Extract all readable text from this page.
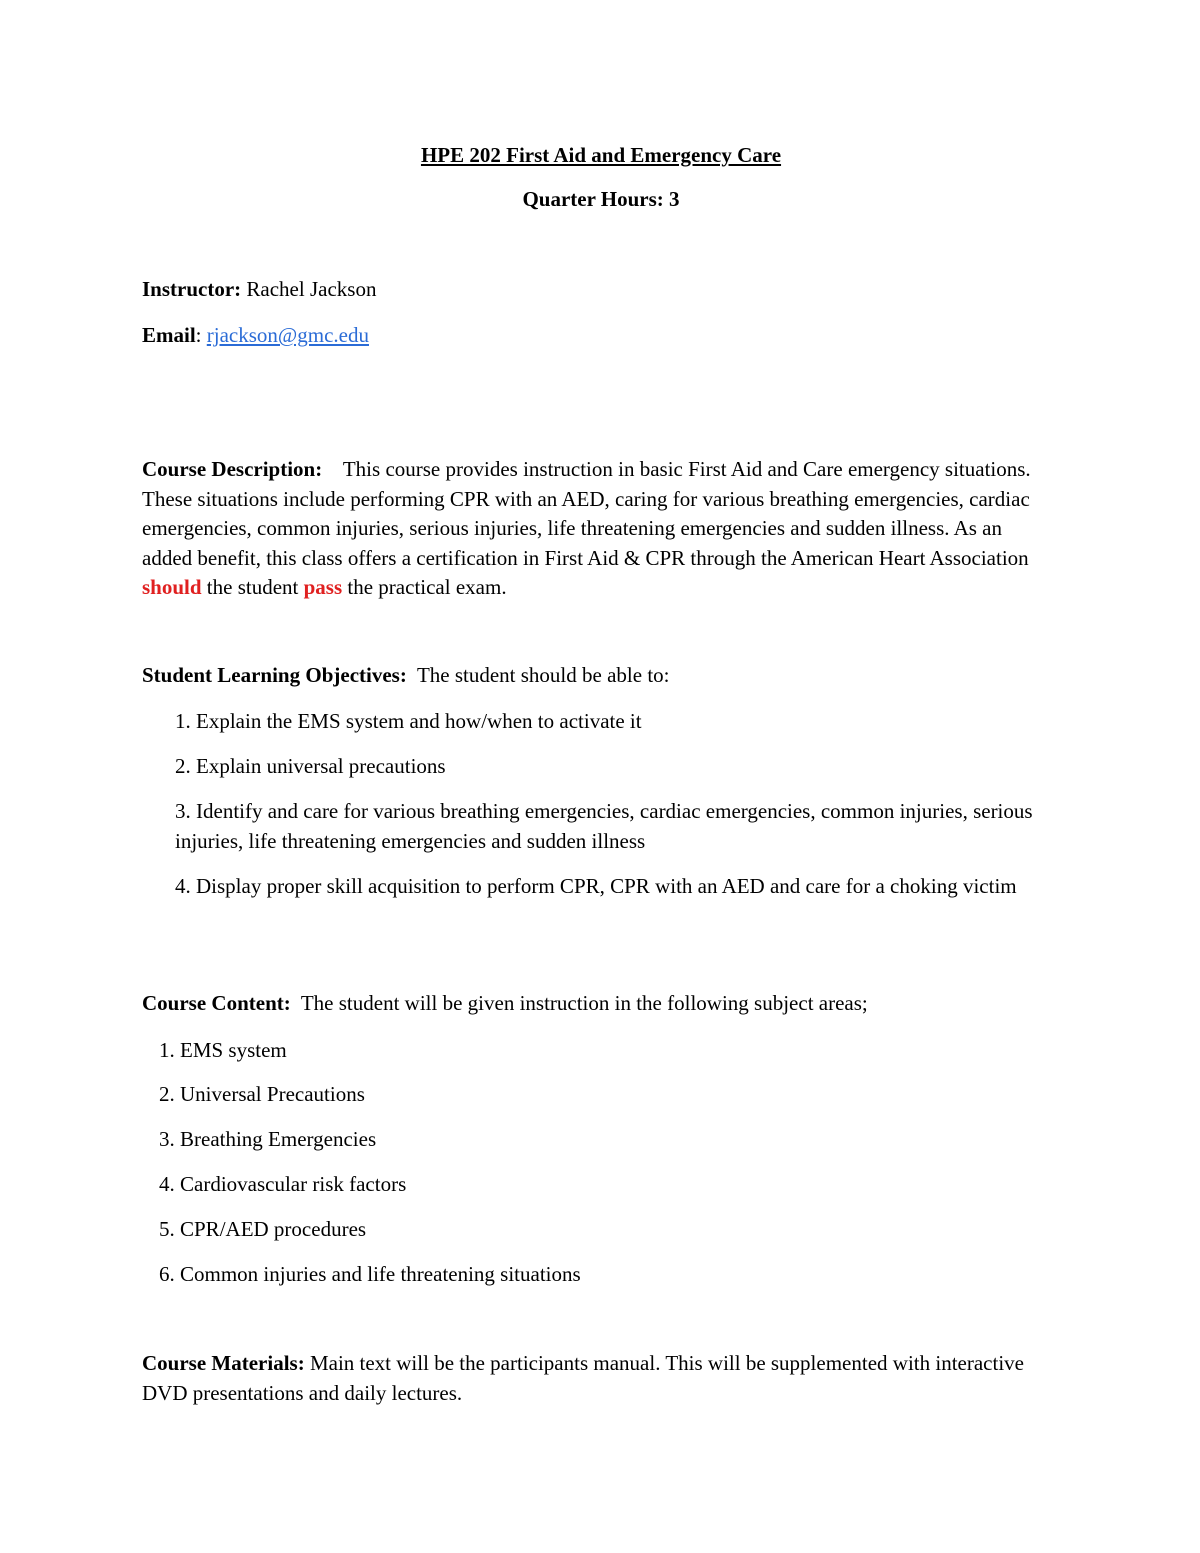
HPE 202 First Aid and Emergency Care
Quarter Hours: 3
Instructor: Rachel Jackson
Email: rjackson@gmc.edu
Course Description: This course provides instruction in basic First Aid and Care emergency situations. These situations include performing CPR with an AED, caring for various breathing emergencies, cardiac emergencies, common injuries, serious injuries, life threatening emergencies and sudden illness. As an added benefit, this class offers a certification in First Aid & CPR through the American Heart Association should the student pass the practical exam.
Student Learning Objectives: The student should be able to:
1. Explain the EMS system and how/when to activate it
2. Explain universal precautions
3. Identify and care for various breathing emergencies, cardiac emergencies, common injuries, serious injuries, life threatening emergencies and sudden illness
4. Display proper skill acquisition to perform CPR, CPR with an AED and care for a choking victim
Course Content: The student will be given instruction in the following subject areas;
1. EMS system
2. Universal Precautions
3. Breathing Emergencies
4. Cardiovascular risk factors
5. CPR/AED procedures
6. Common injuries and life threatening situations
Course Materials: Main text will be the participants manual. This will be supplemented with interactive DVD presentations and daily lectures.
